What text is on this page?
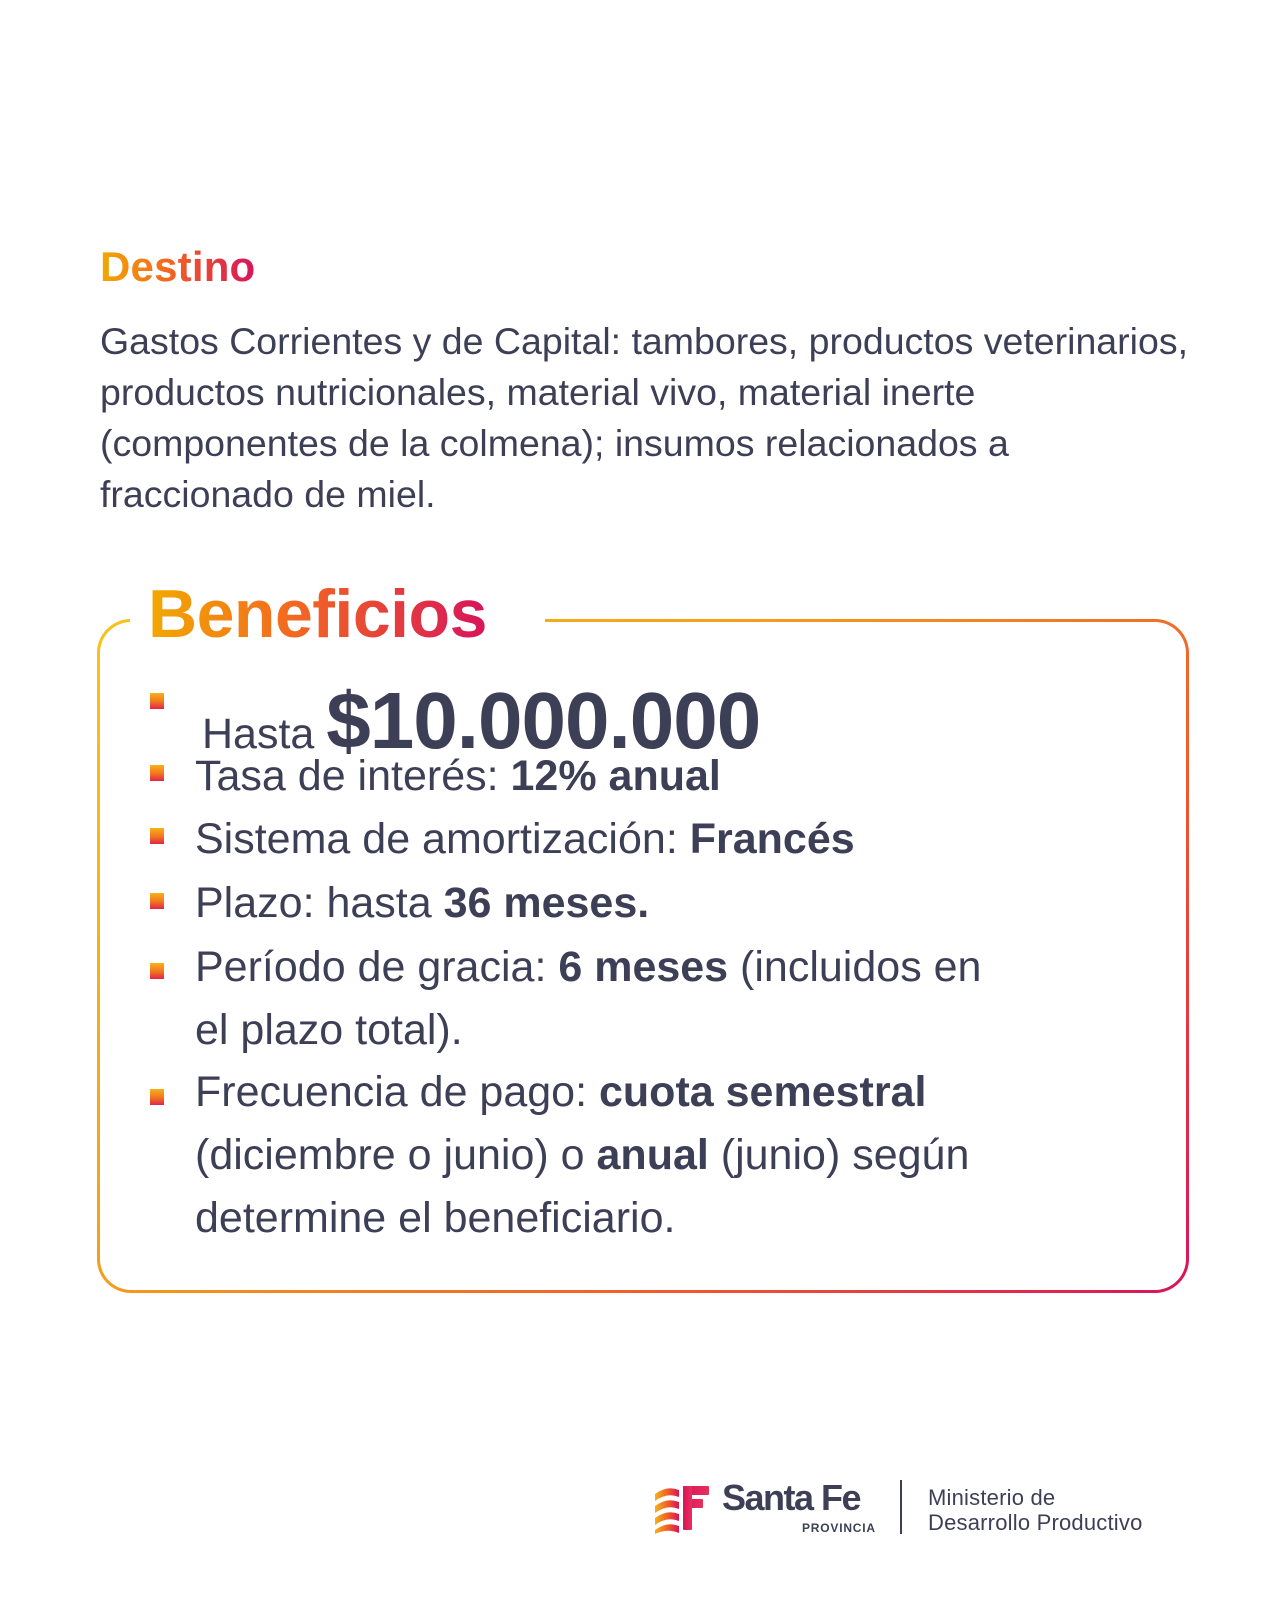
Destino
Gastos Corrientes y de Capital: tambores, productos veterinarios, productos nutricionales, material vivo, material inerte (componentes de la colmena); insumos relacionados a fraccionado de miel.
Beneficios
Hasta $10.000.000
Tasa de interés: 12% anual
Sistema de amortización: Francés
Plazo: hasta 36 meses.
Período de gracia: 6 meses (incluidos en
el plazo total).
Frecuencia de pago: cuota semestral
(diciembre o junio) o anual (junio) según
determine el beneficiario.
Santa Fe
PROVINCIA
Ministerio de
Desarrollo Productivo
